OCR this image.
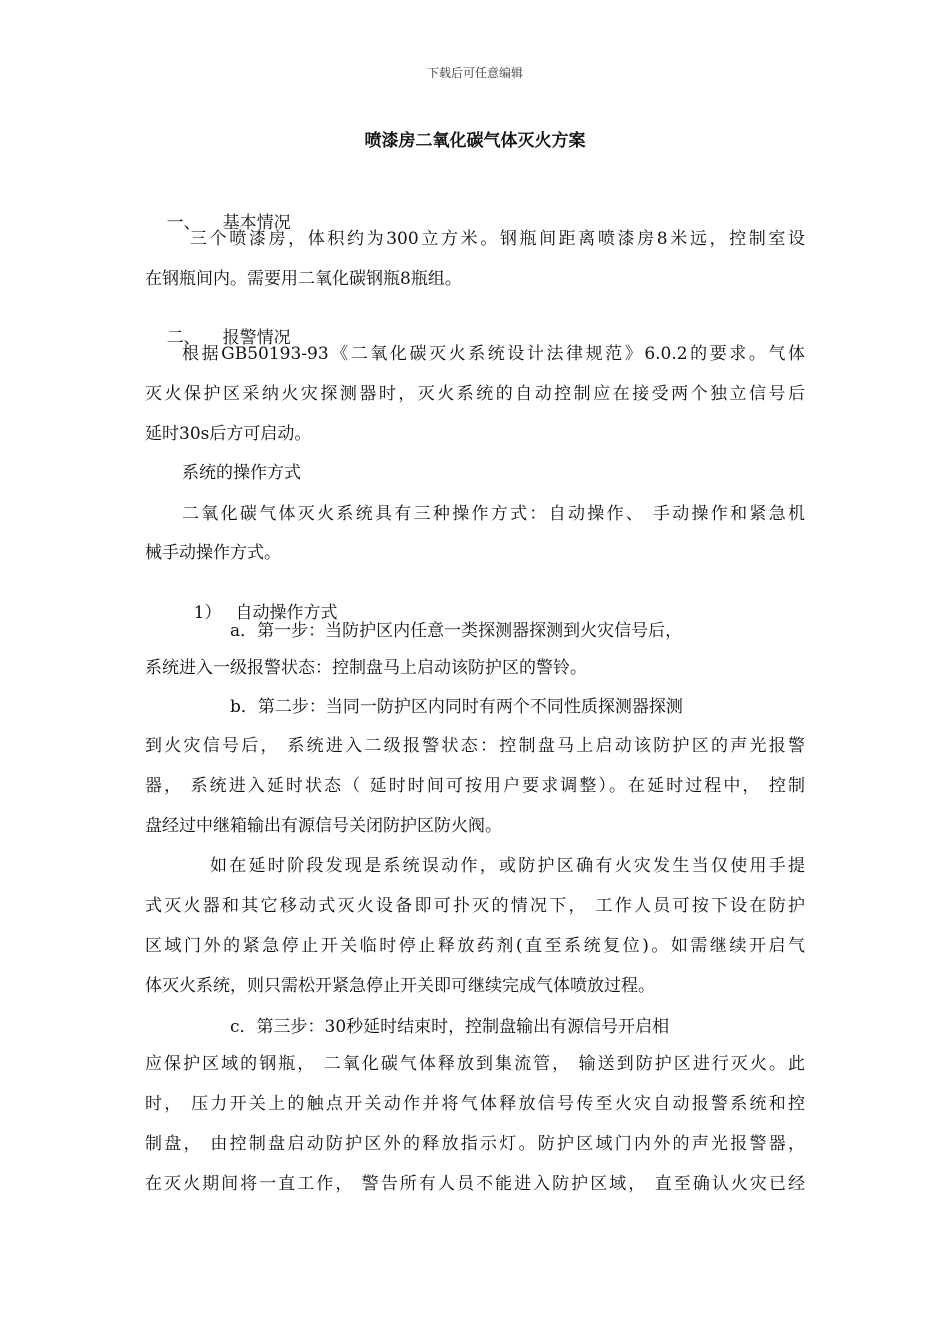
下载后可任意编辑
喷漆房二氧化碳气体灭火方案

一、 基本情况

三个喷漆房，体积约为300立方米。钢瓶间距离喷漆房8米远，控制室设
在钢瓶间内。需要用二氧化碳钢瓶8瓶组。

二、 报警情况

根据GB50193-93《二氧化碳灭火系统设计法律规范》6.0.2的要求。气体
灭火保护区采纳火灾探测器时，灭火系统的自动控制应在接受两个独立信号后
延时30s后方可启动。
系统的操作方式
二氧化碳气体灭火系统具有三种操作方式：自动操作、 手动操作和紧急机
械手动操作方式。

1） 自动操作方式

a．第一步：当防护区内任意一类探测器探测到火灾信号后，
系统进入一级报警状态：控制盘马上启动该防护区的警铃。
b．第二步：当同一防护区内同时有两个不同性质探测器探测
到火灾信号后， 系统进入二级报警状态：控制盘马上启动该防护区的声光报警
器， 系统进入延时状态（ 延时时间可按用户要求调整）。在延时过程中， 控制
盘经过中继箱输出有源信号关闭防护区防火阀。
如在延时阶段发现是系统误动作，或防护区确有火灾发生当仅使用手提
式灭火器和其它移动式灭火设备即可扑灭的情况下， 工作人员可按下设在防护
区域门外的紧急停止开关临时停止释放药剂(直至系统复位)。如需继续开启气
体灭火系统，则只需松开紧急停止开关即可继续完成气体喷放过程。
c．第三步：30秒延时结束时，控制盘输出有源信号开启相
应保护区域的钢瓶， 二氧化碳气体释放到集流管， 输送到防护区进行灭火。此
时， 压力开关上的触点开关动作并将气体释放信号传至火灾自动报警系统和控
制盘， 由控制盘启动防护区外的释放指示灯。防护区域门内外的声光报警器，
在灭火期间将一直工作， 警告所有人员不能进入防护区域， 直至确认火灾已经
